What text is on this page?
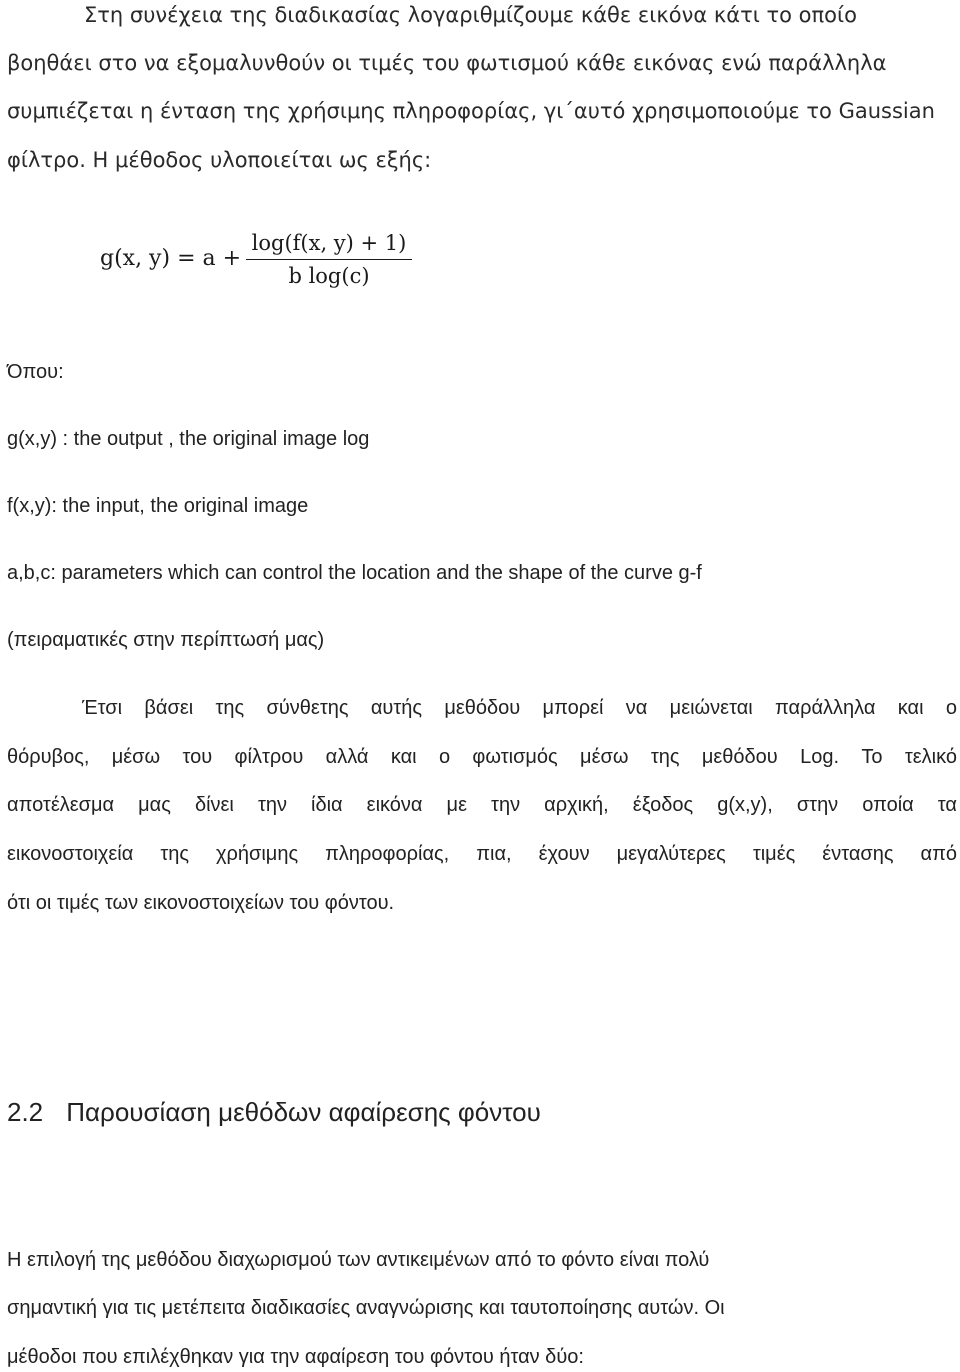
Στη συνέχεια της διαδικασίας λογαριθμίζουμε κάθε εικόνα κάτι το οποίο
βοηθάει στο να εξομαλυνθούν οι τιμές του φωτισμού κάθε εικόνας ενώ παράλληλα
συμπιέζεται η ένταση της χρήσιμης πληροφορίας, γι΄αυτό χρησιμοποιούμε το Gaussian
φίλτρο. Η μέθοδος υλοποιείται ως εξής:
g(x, y) = a +
log(f(x, y) + 1)
b log(c)
Όπου:
g(x,y) : the output , the original image log
f(x,y): the input, the original image
a,b,c: parameters which can control the location and the shape of the curve g-f
(πειραματικές στην περίπτωσή μας)
Έτσι βάσει της σύνθετης αυτής μεθόδου μπορεί να μειώνεται παράλληλα και ο
θόρυβος, μέσω του φίλτρου αλλά και ο φωτισμός μέσω της μεθόδου Log. Το τελικό
αποτέλεσμα μας δίνει την ίδια εικόνα με την αρχική, έξοδος g(x,y), στην οποία τα
εικονοστοιχεία της χρήσιμης πληροφορίας, πια, έχουν μεγαλύτερες τιμές έντασης από
ότι οι τιμές των εικονοστοιχείων του φόντου.
2.2 Παρουσίαση μεθόδων αφαίρεσης φόντου
Η επιλογή της μεθόδου διαχωρισμού των αντικειμένων από το φόντο είναι πολύ
σημαντική για τις μετέπειτα διαδικασίες αναγνώρισης και ταυτοποίησης αυτών. Οι
μέθοδοι που επιλέχθηκαν για την αφαίρεση του φόντου ήταν δύο:
